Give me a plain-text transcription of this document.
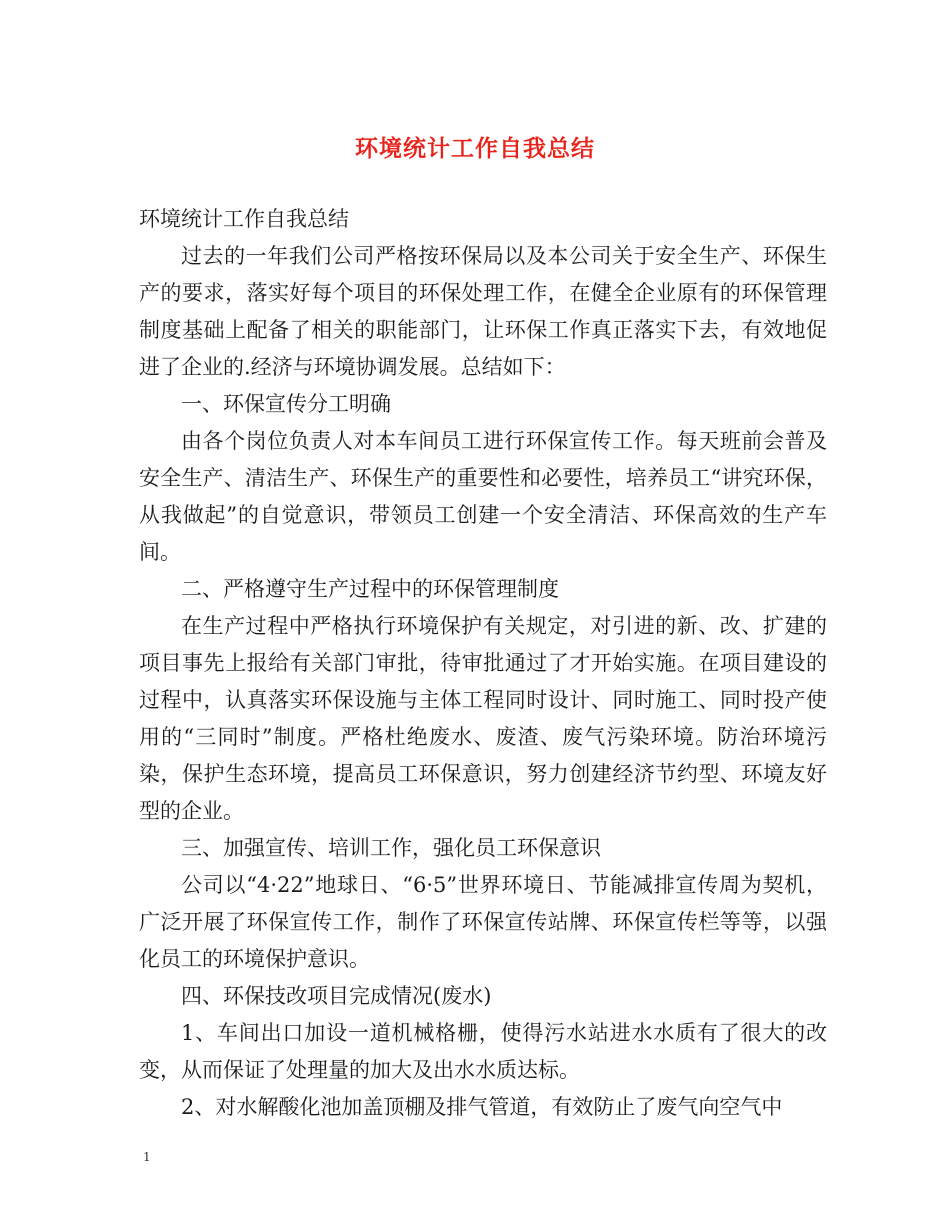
环境统计工作自我总结

环境统计工作自我总结

过去的一年我们公司严格按环保局以及本公司关于安全生产、环保生产的要求，落实好每个项目的环保处理工作，在健全企业原有的环保管理制度基础上配备了相关的职能部门，让环保工作真正落实下去，有效地促进了企业的.经济与环境协调发展。总结如下：

一、环保宣传分工明确

由各个岗位负责人对本车间员工进行环保宣传工作。每天班前会普及安全生产、清洁生产、环保生产的重要性和必要性，培养员工“讲究环保，从我做起”的自觉意识，带领员工创建一个安全清洁、环保高效的生产车间。

二、严格遵守生产过程中的环保管理制度

在生产过程中严格执行环境保护有关规定，对引进的新、改、扩建的项目事先上报给有关部门审批，待审批通过了才开始实施。在项目建设的过程中，认真落实环保设施与主体工程同时设计、同时施工、同时投产使用的“三同时”制度。严格杜绝废水、废渣、废气污染环境。防治环境污染，保护生态环境，提高员工环保意识，努力创建经济节约型、环境友好型的企业。

三、加强宣传、培训工作，强化员工环保意识

公司以“4·22”地球日、“6·5”世界环境日、节能减排宣传周为契机，广泛开展了环保宣传工作，制作了环保宣传站牌、环保宣传栏等等，以强化员工的环境保护意识。

四、环保技改项目完成情况(废水)

1、车间出口加设一道机械格栅，使得污水站进水水质有了很大的改变，从而保证了处理量的加大及出水水质达标。

2、对水解酸化池加盖顶棚及排气管道，有效防止了废气向空气中

1
